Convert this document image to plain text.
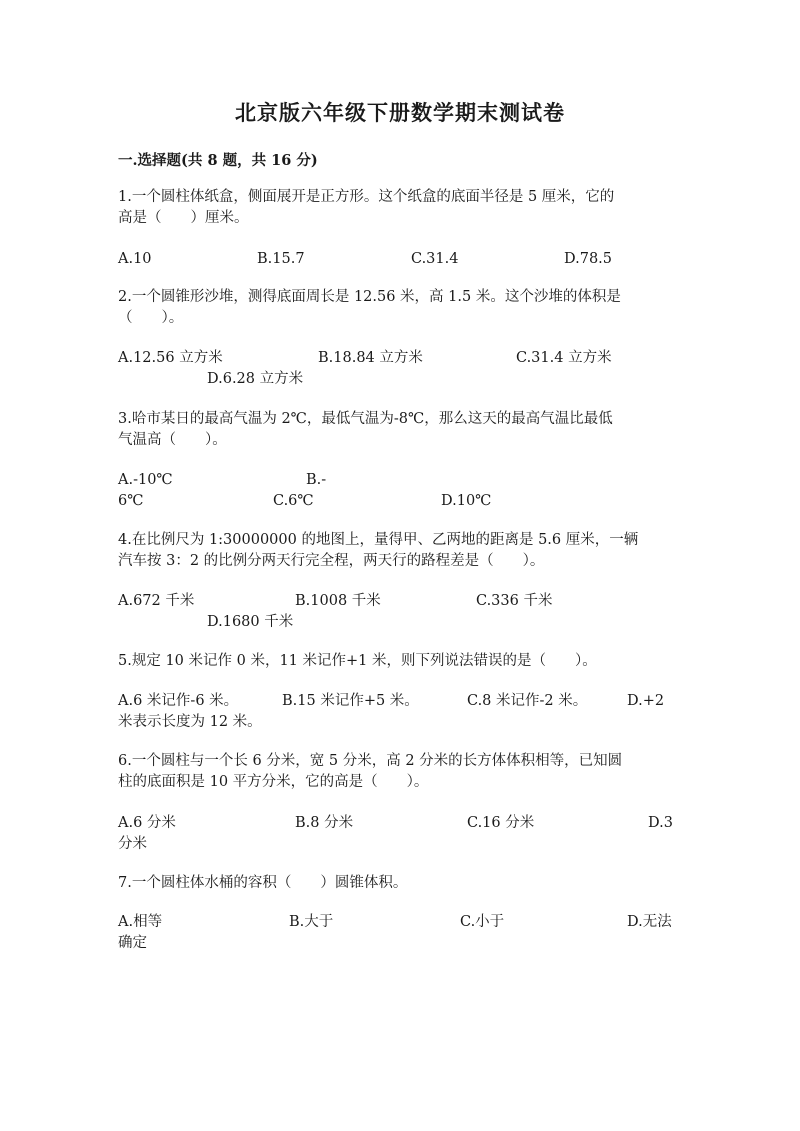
北京版六年级下册数学期末测试卷
一.选择题(共 8 题，共 16 分)
1.一个圆柱体纸盒，侧面展开是正方形。这个纸盒的底面半径是 5 厘米，它的
高是（　　）厘米。
A.10	B.15.7	C.31.4	D.78.5
2.一个圆锥形沙堆，测得底面周长是 12.56 米，高 1.5 米。这个沙堆的体积是
（　　）。
A.12.56 立方米	B.18.84 立方米	C.31.4 立方米
D.6.28 立方米
3.哈市某日的最高气温为 2℃，最低气温为-8℃，那么这天的最高气温比最低
气温高（　　）。
A.-10℃	B.-
6℃	C.6℃	D.10℃
4.在比例尺为 1:30000000 的地图上，量得甲、乙两地的距离是 5.6 厘米，一辆
汽车按 3：2 的比例分两天行完全程，两天行的路程差是（　　）。
A.672 千米	B.1008 千米	C.336 千米
D.1680 千米
5.规定 10 米记作 0 米，11 米记作+1 米，则下列说法错误的是（　　）。
A.6 米记作-6 米。	B.15 米记作+5 米。	C.8 米记作-2 米。	D.+2
米表示长度为 12 米。
6.一个圆柱与一个长 6 分米，宽 5 分米，高 2 分米的长方体体积相等，已知圆
柱的底面积是 10 平方分米，它的高是（　　）。
A.6 分米	B.8 分米	C.16 分米	D.3
分米
7.一个圆柱体水桶的容积（　　）圆锥体积。
A.相等	B.大于	C.小于	D.无法
确定
